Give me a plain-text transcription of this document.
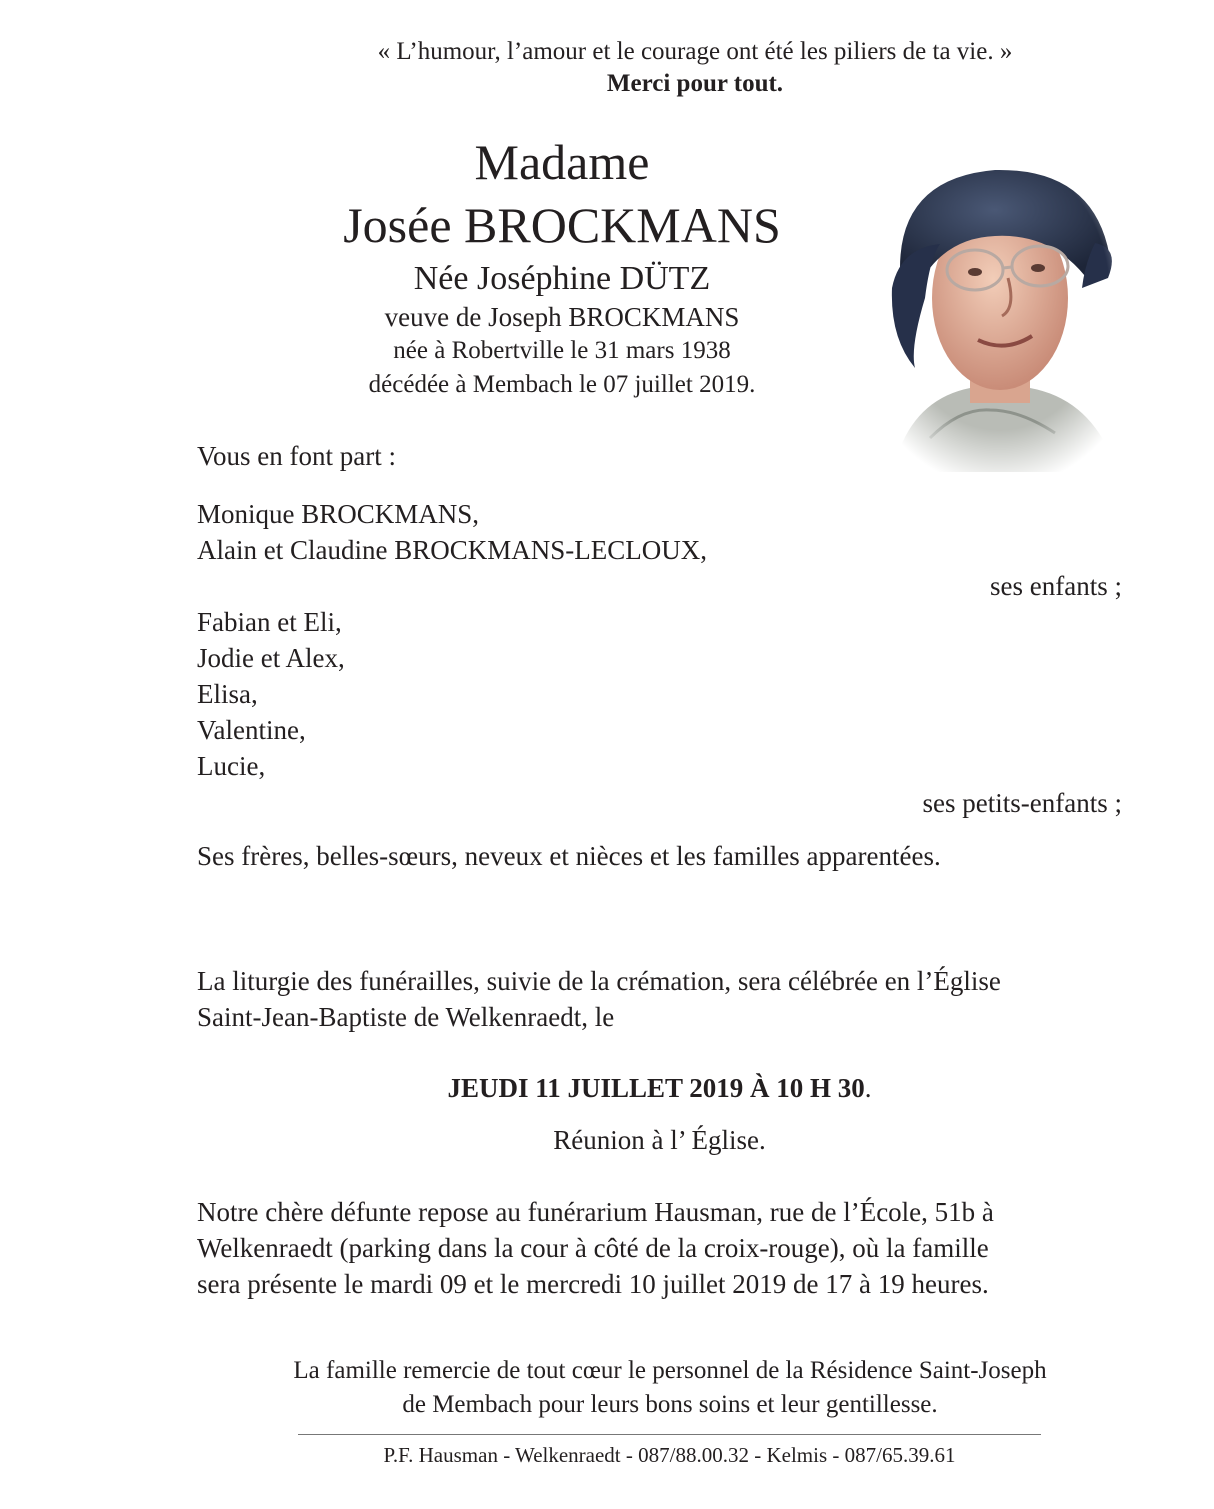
« L’humour, l’amour et le courage ont été les piliers de ta vie. »
Merci pour tout.
Madame
Josée BROCKMANS
Née Joséphine DÜTZ
veuve de Joseph BROCKMANS
née à Robertville le 31 mars 1938
décédée à Membach le 07 juillet 2019.
Vous en font part :
Monique BROCKMANS,
Alain et Claudine BROCKMANS-LECLOUX,
ses enfants ;
Fabian et Eli,
Jodie et Alex,
Elisa,
Valentine,
Lucie,
ses petits-enfants ;
Ses frères, belles-sœurs, neveux et nièces et les familles apparentées.
La liturgie des funérailles, suivie de la crémation, sera célébrée en l’Église
Saint-Jean-Baptiste de Welkenraedt, le
JEUDI 11 JUILLET 2019 À 10 H 30.
Réunion à l’ Église.
Notre chère défunte repose au funérarium Hausman, rue de l’École, 51b à
Welkenraedt (parking dans la cour à côté de la croix-rouge), où la famille
sera présente le mardi 09 et le mercredi 10 juillet 2019 de 17 à 19 heures.
La famille remercie de tout cœur le personnel de la Résidence Saint-Joseph
de Membach pour leurs bons soins et leur gentillesse.
P.F. Hausman - Welkenraedt - 087/88.00.32 - Kelmis - 087/65.39.61
